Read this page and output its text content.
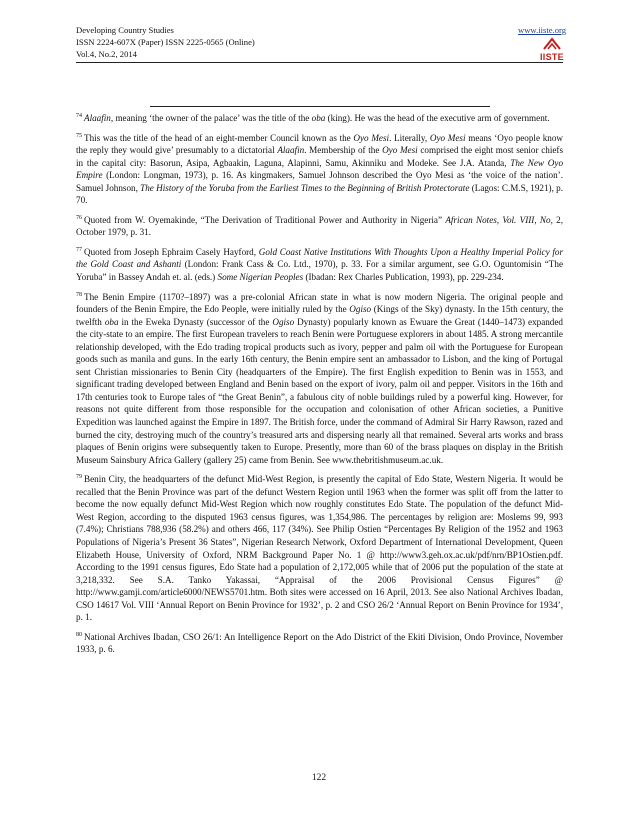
Developing Country Studies
ISSN 2224-607X (Paper) ISSN 2225-0565 (Online)
Vol.4, No.2, 2014
www.iiste.org
IISTE

$^{74}$ Alaafin, meaning ‘the owner of the palace’ was the title of the oba (king). He was the head of the executive arm of government.

$^{75}$ This was the title of the head of an eight-member Council known as the Oyo Mesi. Literally, Oyo Mesi means ‘Oyo people know the reply they would give’ presumably to a dictatorial Alaafin. Membership of the Oyo Mesi comprised the eight most senior chiefs in the capital city: Basorun, Asipa, Agbaakin, Laguna, Alapinni, Samu, Akinniku and Modeke. See J.A. Atanda, The New Oyo Empire (London: Longman, 1973), p. 16. As kingmakers, Samuel Johnson described the Oyo Mesi as ‘the voice of the nation’. Samuel Johnson, The History of the Yoruba from the Earliest Times to the Beginning of British Protectorate (Lagos: C.M.S, 1921), p. 70.

$^{76}$ Quoted from W. Oyemakinde, “The Derivation of Traditional Power and Authority in Nigeria” African Notes, Vol. VIII, No, 2, October 1979, p. 31.

$^{77}$ Quoted from Joseph Ephraim Casely Hayford, Gold Coast Native Institutions With Thoughts Upon a Healthy Imperial Policy for the Gold Coast and Ashanti (London: Frank Cass & Co. Ltd., 1970), p. 33. For a similar argument, see G.O. Oguntomisin “The Yoruba” in Bassey Andah et. al. (eds.) Some Nigerian Peoples (Ibadan: Rex Charles Publication, 1993), pp. 229-234.

$^{78}$ The Benin Empire (1170?–1897) was a pre-colonial African state in what is now modern Nigeria. The original people and founders of the Benin Empire, the Edo People, were initially ruled by the Ogiso (Kings of the Sky) dynasty. In the 15th century, the twelfth oba in the Eweka Dynasty (successor of the Ogiso Dynasty) popularly known as Ewuare the Great (1440–1473) expanded the city-state to an empire. The first European travelers to reach Benin were Portuguese explorers in about 1485. A strong mercantile relationship developed, with the Edo trading tropical products such as ivory, pepper and palm oil with the Portuguese for European goods such as manila and guns. In the early 16th century, the Benin empire sent an ambassador to Lisbon, and the king of Portugal sent Christian missionaries to Benin City (headquarters of the Empire). The first English expedition to Benin was in 1553, and significant trading developed between England and Benin based on the export of ivory, palm oil and pepper. Visitors in the 16th and 17th centuries took to Europe tales of “the Great Benin”, a fabulous city of noble buildings ruled by a powerful king. However, for reasons not quite different from those responsible for the occupation and colonisation of other African societies, a Punitive Expedition was launched against the Empire in 1897. The British force, under the command of Admiral Sir Harry Rawson, razed and burned the city, destroying much of the country’s treasured arts and dispersing nearly all that remained. Several arts works and brass plaques of Benin origins were subsequently taken to Europe. Presently, more than 60 of the brass plaques on display in the British Museum Sainsbury Africa Gallery (gallery 25) came from Benin. See www.thebritishmuseum.ac.uk.

$^{79}$ Benin City, the headquarters of the defunct Mid-West Region, is presently the capital of Edo State, Western Nigeria. It would be recalled that the Benin Province was part of the defunct Western Region until 1963 when the former was split off from the latter to become the now equally defunct Mid-West Region which now roughly constitutes Edo State. The population of the defunct Mid-West Region, according to the disputed 1963 census figures, was 1,354,986. The percentages by religion are: Moslems 99, 993 (7.4%); Christians 788,936 (58.2%) and others 466, 117 (34%). See Philip Ostien “Percentages By Religion of the 1952 and 1963 Populations of Nigeria’s Present 36 States”, Nigerian Research Network, Oxford Department of International Development, Queen Elizabeth House, University of Oxford, NRM Background Paper No. 1 @ http://www3.geh.ox.ac.uk/pdf/nrn/BP1Ostien.pdf. According to the 1991 census figures, Edo State had a population of 2,172,005 while that of 2006 put the population of the state at 3,218,332. See S.A. Tanko Yakassai, “Appraisal of the 2006 Provisional Census Figures” @ http://www.gamji.com/article6000/NEWS5701.htm. Both sites were accessed on 16 April, 2013. See also National Archives Ibadan, CSO 14617 Vol. VIII ‘Annual Report on Benin Province for 1932’, p. 2 and CSO 26/2 ‘Annual Report on Benin Province for 1934’, p. 1.

$^{80}$ National Archives Ibadan, CSO 26/1: An Intelligence Report on the Ado District of the Ekiti Division, Ondo Province, November 1933, p. 6.

122
